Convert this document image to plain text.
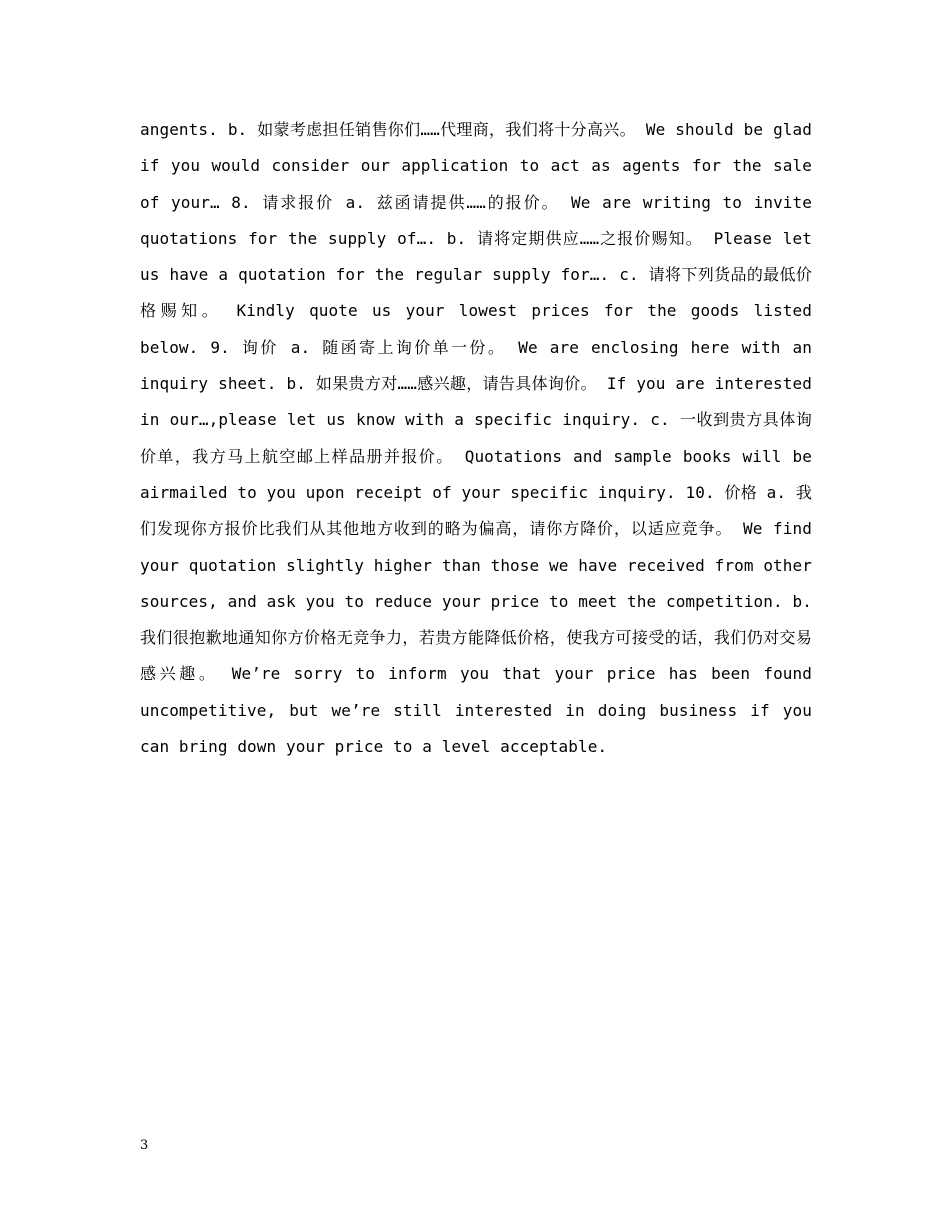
angents. b. 如蒙考虑担任销售你们……代理商，我们将十分高兴。 We should be glad if you would consider our application to act as agents for the sale of your… 8. 请求报价 a. 兹函请提供……的报价。 We are writing to invite quotations for the supply of…. b. 请将定期供应……之报价赐知。 Please let us have a quotation for the regular supply for…. c. 请将下列货品的最低价格赐知。 Kindly quote us your lowest prices for the goods listed below. 9. 询价 a. 随函寄上询价单一份。 We are enclosing here with an inquiry sheet. b. 如果贵方对……感兴趣，请告具体询价。 If you are interested in our…,please let us know with a specific inquiry. c. 一收到贵方具体询价单，我方马上航空邮上样品册并报价。 Quotations and sample books will be airmailed to you upon receipt of your specific inquiry. 10. 价格 a. 我们发现你方报价比我们从其他地方收到的略为偏高，请你方降价，以适应竞争。 We find your quotation slightly higher than those we have received from other sources, and ask you to reduce your price to meet the competition. b. 我们很抱歉地通知你方价格无竞争力，若贵方能降低价格，使我方可接受的话，我们仍对交易感兴趣。 We’re sorry to inform you that your price has been found uncompetitive, but we’re still interested in doing business if you can bring down your price to a level acceptable.

3
